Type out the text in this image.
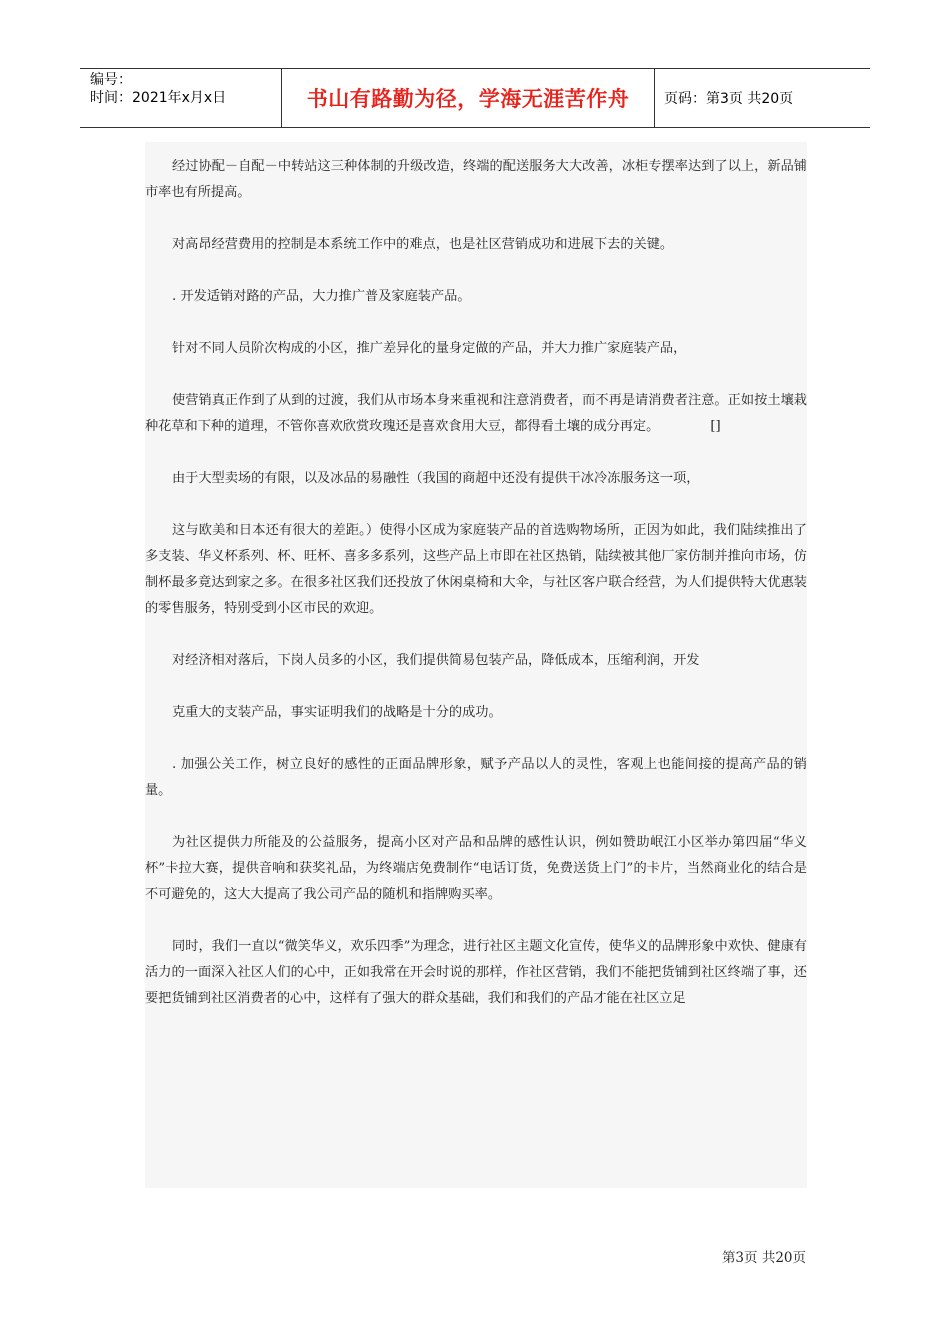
编号：
时间：2021年x月x日	书山有路勤为径，学海无涯苦作舟	页码：第3页 共20页

经过协配－自配－中转站这三种体制的升级改造，终端的配送服务大大改善，冰柜专摆率达到了以上，新品铺市率也有所提高。

对高昂经营费用的控制是本系统工作中的难点，也是社区营销成功和进展下去的关键。

. 开发适销对路的产品，大力推广普及家庭装产品。

针对不同人员阶次构成的小区，推广差异化的量身定做的产品，并大力推广家庭装产品，

使营销真正作到了从到的过渡，我们从市场本身来重视和注意消费者，而不再是请消费者注意。正如按土壤栽种花草和下种的道理，不管你喜欢欣赏玫瑰还是喜欢食用大豆，都得看土壤的成分再定。	[]

由于大型卖场的有限，以及冰品的易融性（我国的商超中还没有提供干冰冷冻服务这一项，

这与欧美和日本还有很大的差距。）使得小区成为家庭装产品的首选购物场所，正因为如此，我们陆续推出了多支装、华义杯系列、杯、旺杯、喜多多系列，这些产品上市即在社区热销，陆续被其他厂家仿制并推向市场，仿制杯最多竟达到家之多。在很多社区我们还投放了休闲桌椅和大伞，与社区客户联合经营，为人们提供特大优惠装的零售服务，特别受到小区市民的欢迎。

对经济相对落后，下岗人员多的小区，我们提供简易包装产品，降低成本，压缩利润，开发

克重大的支装产品，事实证明我们的战略是十分的成功。

. 加强公关工作，树立良好的感性的正面品牌形象，赋予产品以人的灵性，客观上也能间接的提高产品的销量。

为社区提供力所能及的公益服务，提高小区对产品和品牌的感性认识，例如赞助岷江小区举办第四届“华义杯”卡拉大赛，提供音响和获奖礼品，为终端店免费制作“电话订货，免费送货上门”的卡片，当然商业化的结合是不可避免的，这大大提高了我公司产品的随机和指牌购买率。

同时，我们一直以“微笑华义，欢乐四季”为理念，进行社区主题文化宣传，使华义的品牌形象中欢快、健康有活力的一面深入社区人们的心中，正如我常在开会时说的那样，作社区营销，我们不能把货铺到社区终端了事，还要把货铺到社区消费者的心中，这样有了强大的群众基础，我们和我们的产品才能在社区立足

第3页 共20页
